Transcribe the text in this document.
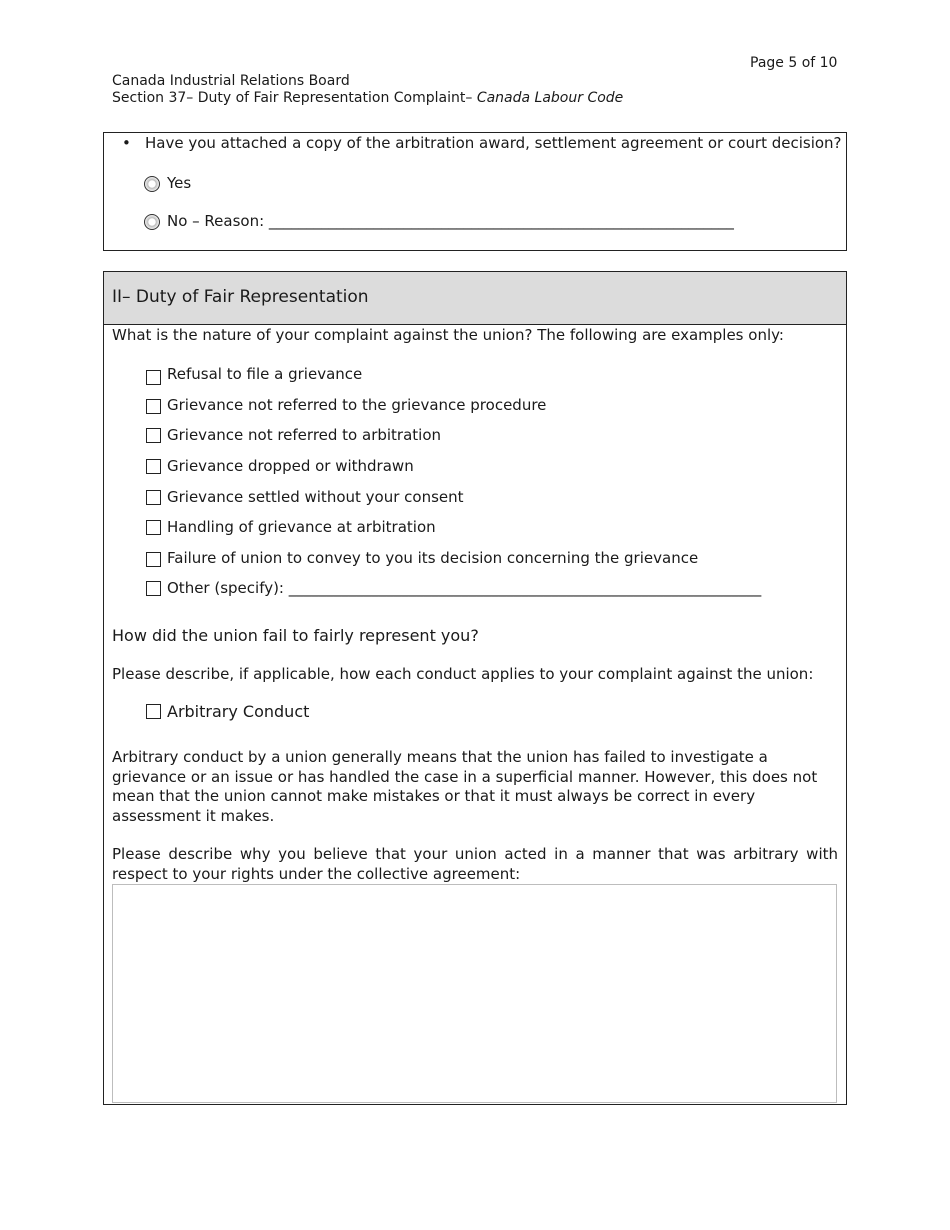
Page 5 of 10
Canada Industrial Relations Board
Section 37– Duty of Fair Representation Complaint– Canada Labour Code
• Have you attached a copy of the arbitration award, settlement agreement or court decision?
Yes
No – Reason: ______________________________________________________________
II– Duty of Fair Representation
What is the nature of your complaint against the union? The following are examples only:
Refusal to file a grievance
Grievance not referred to the grievance procedure
Grievance not referred to arbitration
Grievance dropped or withdrawn
Grievance settled without your consent
Handling of grievance at arbitration
Failure of union to convey to you its decision concerning the grievance
Other (specify): _______________________________________________________________
How did the union fail to fairly represent you?
Please describe, if applicable, how each conduct applies to your complaint against the union:
Arbitrary Conduct
Arbitrary conduct by a union generally means that the union has failed to investigate a grievance or an issue or has handled the case in a superficial manner. However, this does not mean that the union cannot make mistakes or that it must always be correct in every assessment it makes.
Please describe why you believe that your union acted in a manner that was arbitrary with respect to your rights under the collective agreement:
